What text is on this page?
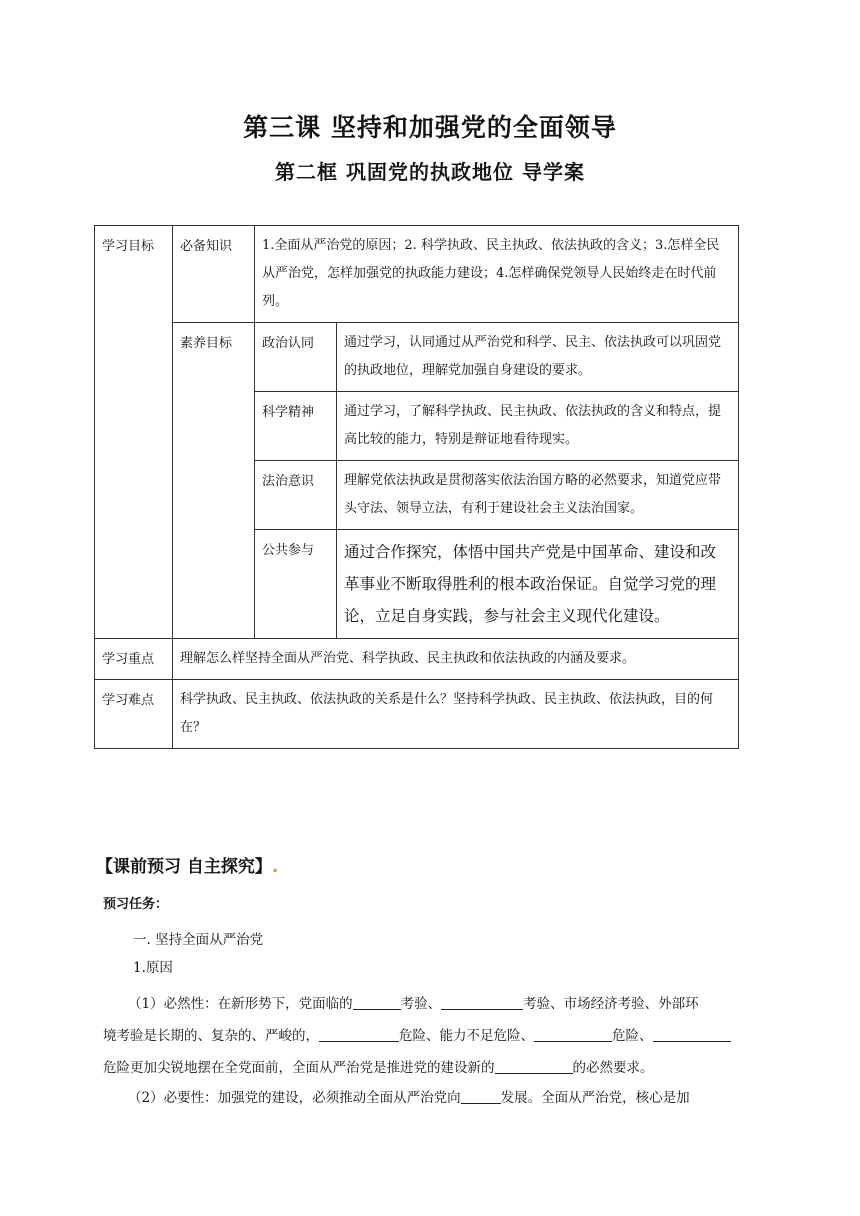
第三课 坚持和加强党的全面领导
第二框 巩固党的执政地位 导学案
学习目标	必备知识	1.全面从严治党的原因；2. 科学执政、民主执政、依法执政的含义；3.怎样全民从严治党，怎样加强党的执政能力建设；4.怎样确保党领导人民始终走在时代前列。	
	素养目标	政治认同	通过学习，认同通过从严治党和科学、民主、依法执政可以巩固党的执政地位，理解党加强自身建设的要求。
		科学精神	通过学习，了解科学执政、民主执政、依法执政的含义和特点，提高比较的能力，特别是辩证地看待现实。
		法治意识	理解党依法执政是贯彻落实依法治国方略的必然要求，知道党应带头守法、领导立法，有利于建设社会主义法治国家。
		公共参与	通过合作探究，体悟中国共产党是中国革命、建设和改革事业不断取得胜利的根本政治保证。自觉学习党的理论，立足自身实践，参与社会主义现代化建设。
学习重点	理解怎么样坚持全面从严治党、科学执政、民主执政和依法执政的内涵及要求。		
学习难点	科学执政、民主执政、依法执政的关系是什么？坚持科学执政、民主执政、依法执政，目的何在？		
【课前预习 自主探究】.
预习任务：
一. 坚持全面从严治党
1.原因
（1）必然性：在新形势下，党面临的	考验、	考验、市场经济考验、外部环
境考验是长期的、复杂的、严峻的，	危险、能力不足危险、	危险、
危险更加尖锐地摆在全党面前，全面从严治党是推进党的建设新的	的必然要求。
（2）必要性：加强党的建设，必须推动全面从严治党向	发展。全面从严治党，核心是加
